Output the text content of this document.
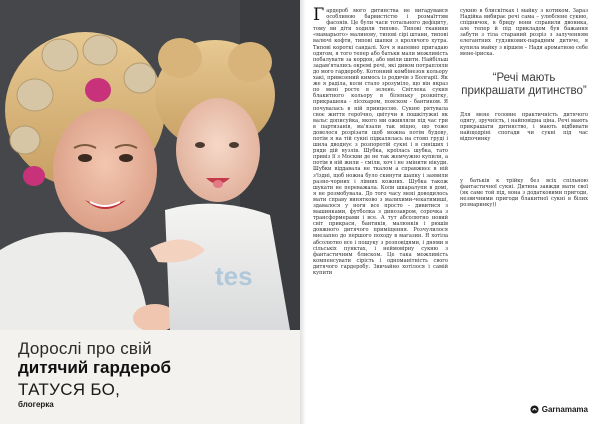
tes
Дорослі про свій
дитячий гардероб
ТАТУСЯ БО,
блогерка

Гардероб мого дитинства не вигадувався особливою барвистістю і розмаїттям фасонів. Це були часи тотального дефіциту, тому ви діти ходили типово. Типові тканини «мамарього» малинову, типові сірі штани, типові валючі кофти, типові шапки з кролячого хутра. Типові короткі сандалі. Хоч я напевно пригадаю одягом, я того тепер або батьки мали можливість побалувати за кордон, або вміли шити. Найбільш задам'ятались окремі речі, які дивом потрапляли до мого гардеробу. Котонний комбінезон кольору хакі, привезений кимось із родичів з Болгарії. Як же я раділа, коли стало зрозуміло, що він якраз по мені росте в зелене. Світлена сукня блакитного кольору в біленьку розквітку, прикрашена - лісохаром, пояском - бантиком. Я почувалась в ній принцесою. Сукню рятувала своє життя героїчно, цвітучи в пошкітужні як вальс дописуйка, якого ми оживляли під час гри в партизанів, ма'язали так міцно, що тоже довелося розрізати щоб можна потім будову, потім я на тій сукні підкалялась на стовп груді і шила дводнує з розпоротій сукні і в синіших і ряди дій вузлів. Шубка, кроїлась шубка, тато привіз її з Москви де не так жемчужно купили, а потім в ній жили – сміли, хоч і не змінити нікуди. Шубки віддавала не ткалом а справжнєє в ній з'їздні, щоб ножна було скинути шапку і заявили разно-чорних і лівних кожних. Шубка також шукати не переважала. Коли шкаралупи в домі, я не розмобувала. До того часу мені доводилось мати справу винятково з малихими-чекатимиші, здавалося у ноги все просто – дивитися з машинками, футболка з динозавром, сорочка з трансформерами і все. А тут абсолютно новий світ прикраси, бантиків, малюнків і рюшів довжного дитячого приміщення. Розчулилося внезапно до першого походу в магазин. Я хотіла абсолютно все і пошуку з розповідями, і днями в сільськіх пунктах, і неймовірну сукню з фантастичним блиском. Це така можливість компенсувати сірість і одноманітність свого дитячого гардеробу. Звичайно хотілося і самій купити

сукню в блискітках і майку з котиком. Зараз Надійка вибирає речі сама – улюблене сукню, спідничок, в бриду вони справили двоника, але тепер й під прикладом був бажання забути з тіла стараний розріз з залученням елегантних гудзикових-парадним дитяче, я купила майку з віршем – Надя ароматною себе мене-іриска.

“Речі мають прикрашати дитинство”

Для мене головне практичність дитячого одягу, зручність, і найповідна ціна. Речі мають прикрашати дитинство, і мають відбивати найщодріні спогади чи сукні під час відпочинку

у батьків к трійку без всіх спільною фантастичної сукні. Дитина завжди мати свої (як саме той під, вона з додатковими пригоди, незвичними пригоди блакитної сукні в білих розмаринку))

Garnamama
